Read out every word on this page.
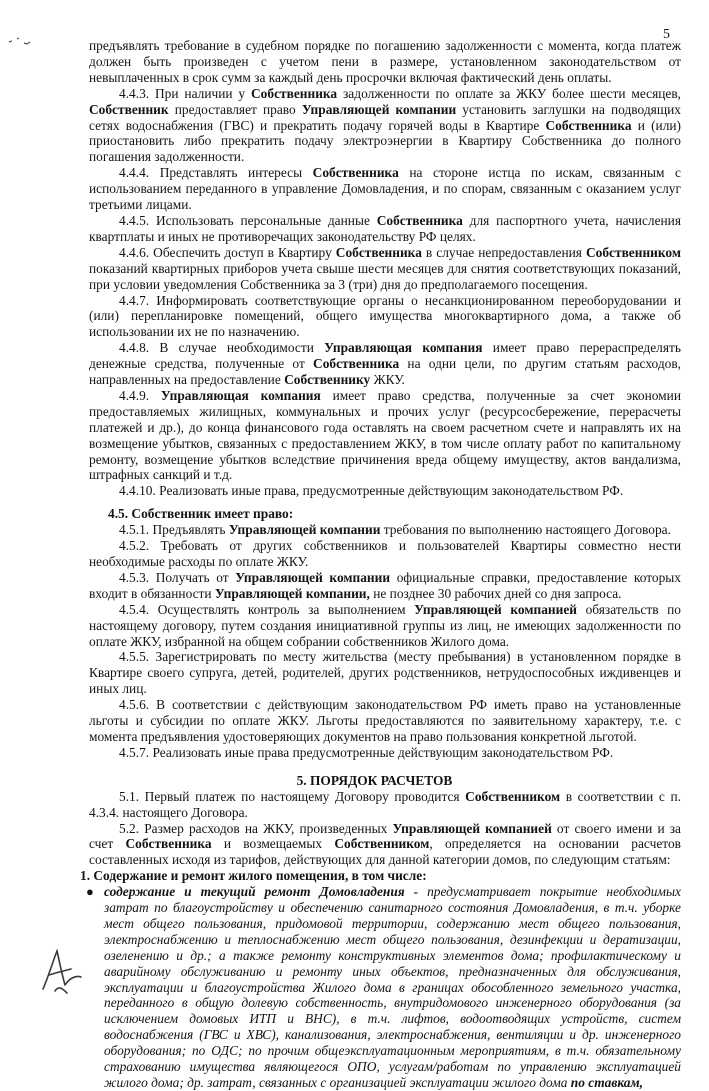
5

предъявлять требование в судебном порядке по погашению задолженности с момента, когда платеж должен быть произведен с учетом пени в размере, установленном законодательством от невыплаченных в срок сумм за каждый день просрочки включая фактический день оплаты.

4.4.3. При наличии у Собственника задолженности по оплате за ЖКУ более шести месяцев, Собственник предоставляет право Управляющей компании установить заглушки на подводящих сетях водоснабжения (ГВС) и прекратить подачу горячей воды в Квартире Собственника и (или) приостановить либо прекратить подачу электроэнергии в Квартиру Собственника до полного погашения задолженности.

4.4.4. Представлять интересы Собственника на стороне истца по искам, связанным с использованием переданного в управление Домовладения, и по спорам, связанным с оказанием услуг третьими лицами.

4.4.5. Использовать персональные данные Собственника для паспортного учета, начисления квартплаты и иных не противоречащих законодательству РФ целях.

4.4.6. Обеспечить доступ в Квартиру Собственника в случае непредоставления Собственником показаний квартирных приборов учета свыше шести месяцев для снятия соответствующих показаний, при условии уведомления Собственника за 3 (три) дня до предполагаемого посещения.

4.4.7. Информировать соответствующие органы о несанкционированном переоборудовании и (или) перепланировке помещений, общего имущества многоквартирного дома, а также об использовании их не по назначению.

4.4.8. В случае необходимости Управляющая компания имеет право перераспределять денежные средства, полученные от Собственника на одни цели, по другим статьям расходов, направленных на предоставление Собственнику ЖКУ.

4.4.9. Управляющая компания имеет право средства, полученные за счет экономии предоставляемых жилищных, коммунальных и прочих услуг (ресурсосбережение, перерасчеты платежей и др.), до конца финансового года оставлять на своем расчетном счете и направлять их на возмещение убытков, связанных с предоставлением ЖКУ, в том числе оплату работ по капитальному ремонту, возмещение убытков вследствие причинения вреда общему имуществу, актов вандализма, штрафных санкций и т.д.

4.4.10. Реализовать иные права, предусмотренные действующим законодательством РФ.

4.5. Собственник имеет право:

4.5.1. Предъявлять Управляющей компании требования по выполнению настоящего Договора.

4.5.2. Требовать от других собственников и пользователей Квартиры совместно нести необходимые расходы по оплате ЖКУ.

4.5.3. Получать от Управляющей компании официальные справки, предоставление которых входит в обязанности Управляющей компании, не позднее 30 рабочих дней со дня запроса.

4.5.4. Осуществлять контроль за выполнением Управляющей компанией обязательств по настоящему договору, путем создания инициативной группы из лиц, не имеющих задолженности по оплате ЖКУ, избранной на общем собрании собственников Жилого дома.

4.5.5. Зарегистрировать по месту жительства (месту пребывания) в установленном порядке в Квартире своего супруга, детей, родителей, других родственников, нетрудоспособных иждивенцев и иных лиц.

4.5.6. В соответствии с действующим законодательством РФ иметь право на установленные льготы и субсидии по оплате ЖКУ. Льготы предоставляются по заявительному характеру, т.е. с момента предъявления удостоверяющих документов на право пользования конкретной льготой.

4.5.7. Реализовать иные права предусмотренные действующим законодательством РФ.

5. ПОРЯДОК РАСЧЕТОВ

5.1. Первый платеж по настоящему Договору проводится Собственником в соответствии с п. 4.3.4. настоящего Договора.

5.2. Размер расходов на ЖКУ, произведенных Управляющей компанией от своего имени и за счет Собственника и возмещаемых Собственником, определяется на основании расчетов составленных исходя из тарифов, действующих для данной категории домов, по следующим статьям:

1. Содержание и ремонт жилого помещения, в том числе:

● содержание и текущий ремонт Домовладения - предусматривает покрытие необходимых затрат по благоустройству и обеспечению санитарного состояния Домовладения, в т.ч. уборке мест общего пользования, придомовой территории, содержанию мест общего пользования, электроснабжению и теплоснабжению мест общего пользования, дезинфекции и дератизации, озеленению и др.; а также ремонту конструктивных элементов дома; профилактическому и аварийному обслуживанию и ремонту иных объектов, предназначенных для обслуживания, эксплуатации и благоустройства Жилого дома в границах обособленного земельного участка, переданного в общую долевую собственность, внутридомового инженерного оборудования (за исключением домовых ИТП и ВНС), в т.ч. лифтов, водоотводящих устройств, систем водоснабжения (ГВС и ХВС), канализования, электроснабжения, вентиляции и др. инженерного оборудования; по ОДС; по прочим общеэксплуатационным мероприятиям, в т.ч. обязательному страхованию имущества являющегося ОПО, услугам/работам по управлению эксплуатацией жилого дома; др. затрат, связанных с организацией эксплуатации жилого дома по ставкам,
